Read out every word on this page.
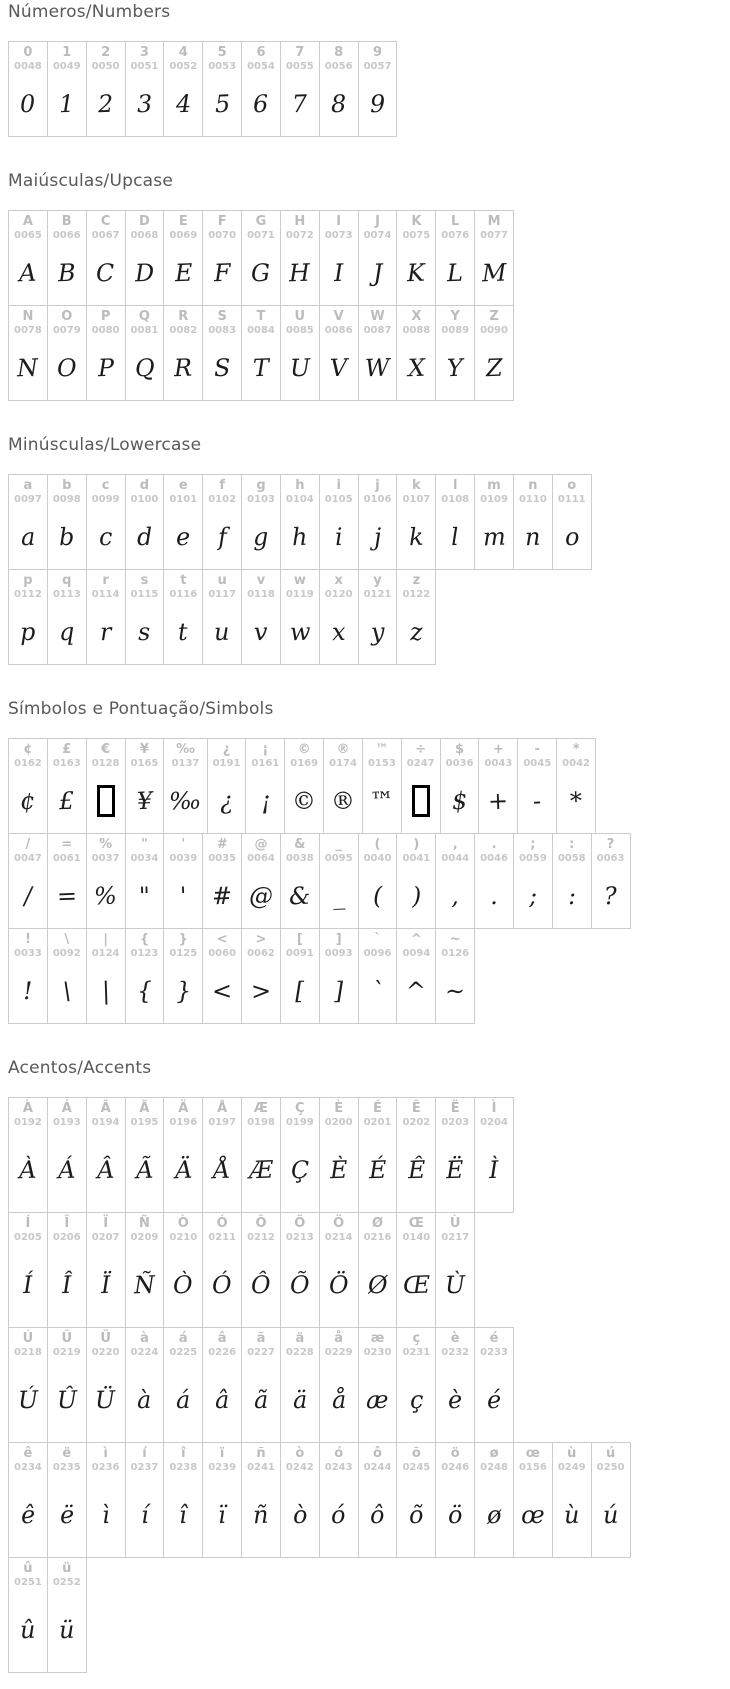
Números/Numbers
0
0048
0
1
0049
1
2
0050
2
3
0051
3
4
0052
4
5
0053
5
6
0054
6
7
0055
7
8
0056
8
9
0057
9
Maiúsculas/Upcase
A
0065
A
B
0066
B
C
0067
C
D
0068
D
E
0069
E
F
0070
F
G
0071
G
H
0072
H
I
0073
I
J
0074
J
K
0075
K
L
0076
L
M
0077
M
N
0078
N
O
0079
O
P
0080
P
Q
0081
Q
R
0082
R
S
0083
S
T
0084
T
U
0085
U
V
0086
V
W
0087
W
X
0088
X
Y
0089
Y
Z
0090
Z
Minúsculas/Lowercase
a
0097
a
b
0098
b
c
0099
c
d
0100
d
e
0101
e
f
0102
f
g
0103
g
h
0104
h
i
0105
i
j
0106
j
k
0107
k
l
0108
l
m
0109
m
n
0110
n
o
0111
o
p
0112
p
q
0113
q
r
0114
r
s
0115
s
t
0116
t
u
0117
u
v
0118
v
w
0119
w
x
0120
x
y
0121
y
z
0122
z
Símbolos e Pontuação/Simbols
¢
0162
¢
£
0163
£
€
0128
¥
0165
¥
‰
0137
‰
¿
0191
¿
¡
0161
¡
©
0169
©
®
0174
®
™
0153
™
÷
0247
$
0036
$
+
0043
+
-
0045
-
*
0042
*
/
0047
/
=
0061
=
%
0037
%
"
0034
"
'
0039
'
#
0035
#
@
0064
@
&
0038
&
_
0095
_
(
0040
(
)
0041
)
,
0044
,
.
0046
.
;
0059
;
:
0058
:
?
0063
?
!
0033
!
\
0092
\
|
0124
|
{
0123
{
}
0125
}
<
0060
<
>
0062
>
[
0091
[
]
0093
]
`
0096
`
^
0094
^
~
0126
~
Acentos/Accents
À
0192
À
Á
0193
Á
Â
0194
Â
Ã
0195
Ã
Ä
0196
Ä
Å
0197
Å
Æ
0198
Æ
Ç
0199
Ç
È
0200
È
É
0201
É
Ê
0202
Ê
Ë
0203
Ë
Ì
0204
Ì
Í
0205
Í
Î
0206
Î
Ï
0207
Ï
Ñ
0209
Ñ
Ò
0210
Ò
Ó
0211
Ó
Ô
0212
Ô
Õ
0213
Õ
Ö
0214
Ö
Ø
0216
Ø
Œ
0140
Œ
Ù
0217
Ù
Ú
0218
Ú
Û
0219
Û
Ü
0220
Ü
à
0224
à
á
0225
á
â
0226
â
ã
0227
ã
ä
0228
ä
å
0229
å
æ
0230
æ
ç
0231
ç
è
0232
è
é
0233
é
ê
0234
ê
ë
0235
ë
ì
0236
ì
í
0237
í
î
0238
î
ï
0239
ï
ñ
0241
ñ
ò
0242
ò
ó
0243
ó
ô
0244
ô
õ
0245
õ
ö
0246
ö
ø
0248
ø
œ
0156
œ
ù
0249
ù
ú
0250
ú
û
0251
û
ü
0252
ü
